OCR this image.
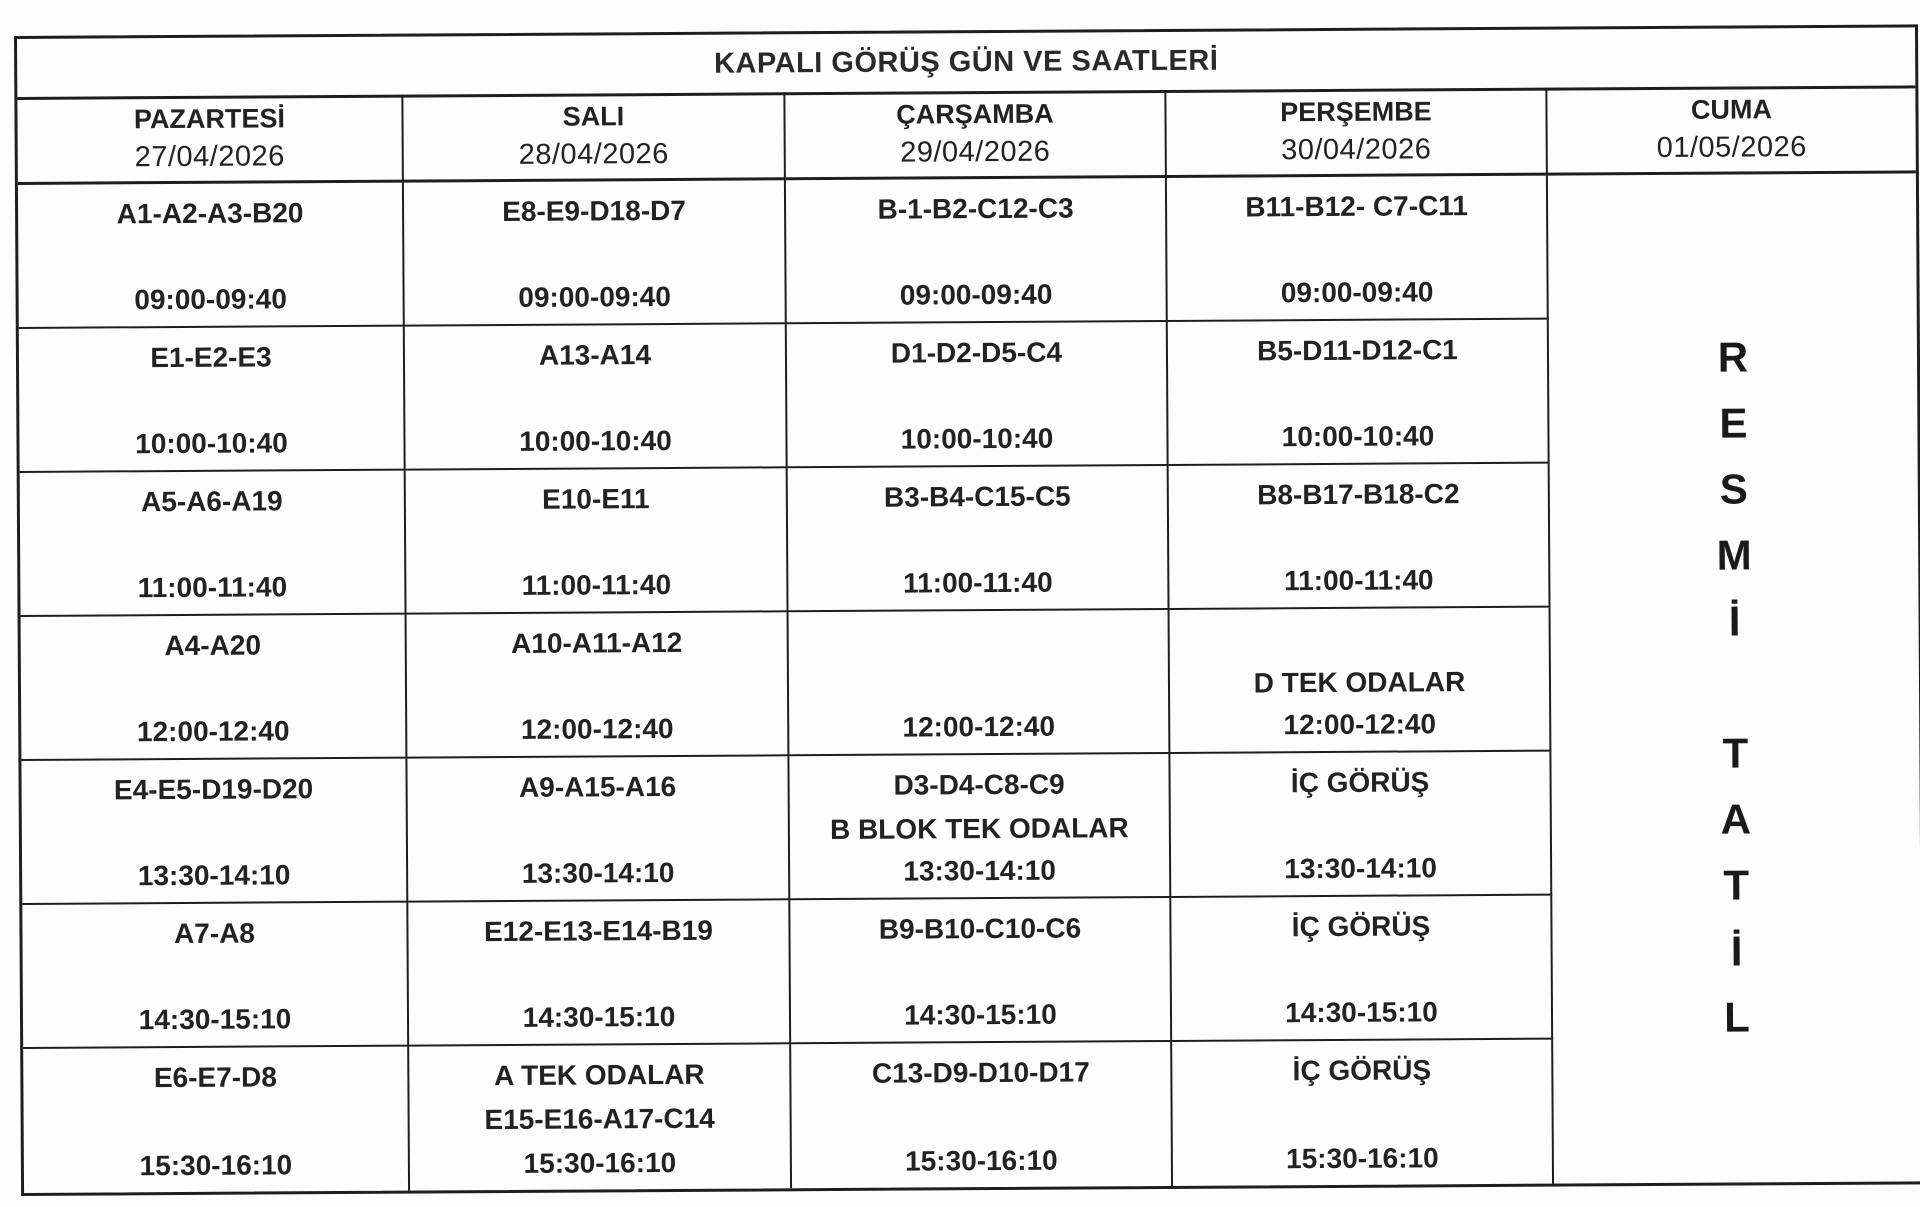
KAPALI GÖRÜŞ GÜN VE SAATLERİ
PAZARTESİ
27/04/2026
SALI
28/04/2026
ÇARŞAMBA
29/04/2026
PERŞEMBE
30/04/2026
CUMA
01/05/2026
A1-A2-A3-B20
09:00-09:40
E8-E9-D18-D7
09:00-09:40
B-1-B2-C12-C3
09:00-09:40
B11-B12- C7-C11
09:00-09:40
E1-E2-E3
10:00-10:40
A13-A14
10:00-10:40
D1-D2-D5-C4
10:00-10:40
B5-D11-D12-C1
10:00-10:40
A5-A6-A19
11:00-11:40
E10-E11
11:00-11:40
B3-B4-C15-C5
11:00-11:40
B8-B17-B18-C2
11:00-11:40
A4-A20
12:00-12:40
A10-A11-A12
12:00-12:40	12:00-12:40
D TEK ODALAR
12:00-12:40
E4-E5-D19-D20
13:30-14:10
A9-A15-A16
13:30-14:10
D3-D4-C8-C9
B BLOK TEK ODALAR
13:30-14:10
İÇ GÖRÜŞ
13:30-14:10
A7-A8
14:30-15:10
E12-E13-E14-B19
14:30-15:10
B9-B10-C10-C6
14:30-15:10
İÇ GÖRÜŞ
14:30-15:10
E6-E7-D8
15:30-16:10
A TEK ODALAR
E15-E16-A17-C14
15:30-16:10
C13-D9-D10-D17
15:30-16:10
İÇ GÖRÜŞ
15:30-16:10
R
E
S
M
İ
T
A
T
İ
L
